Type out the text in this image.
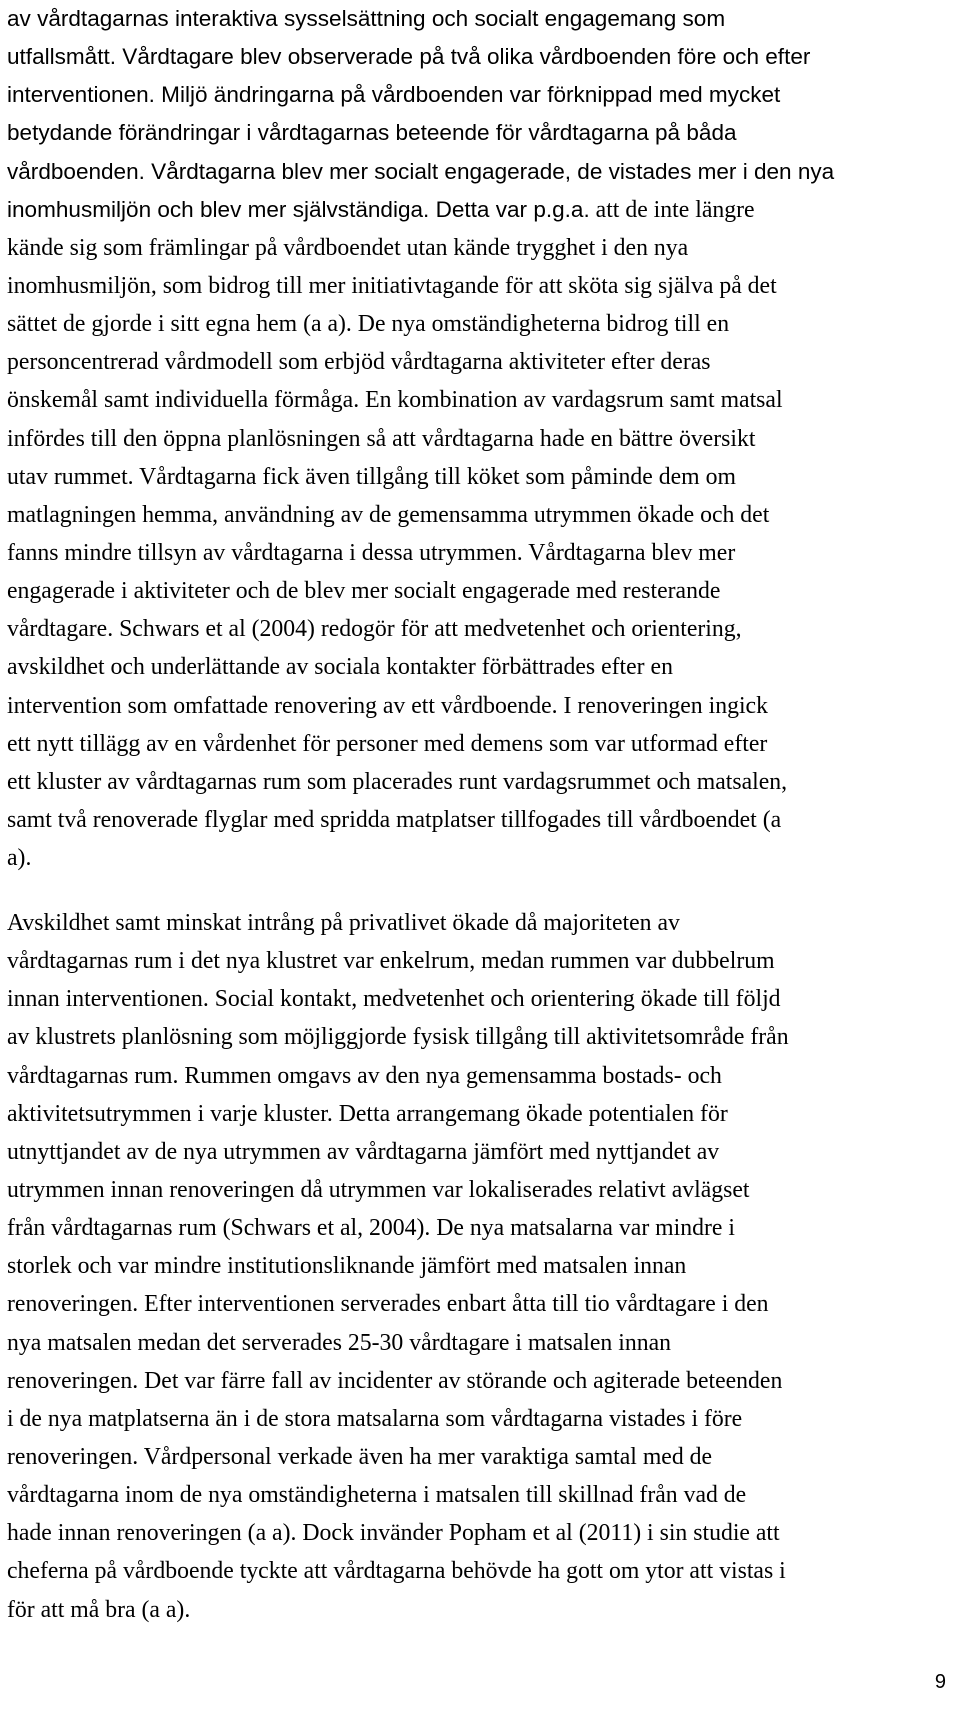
av vårdtagarnas interaktiva sysselsättning och socialt engagemang som
utfallsmått. Vårdtagare blev observerade på två olika vårdboenden före och efter
interventionen. Miljö ändringarna på vårdboenden var förknippad med mycket
betydande förändringar i vårdtagarnas beteende för vårdtagarna på båda
vårdboenden. Vårdtagarna blev mer socialt engagerade, de vistades mer i den nya
inomhusmiljön och blev mer självständiga. Detta var p.g.a. att de inte längre
kände sig som främlingar på vårdboendet utan kände trygghet i den nya
inomhusmiljön, som bidrog till mer initiativtagande för att sköta sig själva på det
sättet de gjorde i sitt egna hem (a a). De nya omständigheterna bidrog till en
personcentrerad vårdmodell som erbjöd vårdtagarna aktiviteter efter deras
önskemål samt individuella förmåga. En kombination av vardagsrum samt matsal
infördes till den öppna planlösningen så att vårdtagarna hade en bättre översikt
utav rummet. Vårdtagarna fick även tillgång till köket som påminde dem om
matlagningen hemma, användning av de gemensamma utrymmen ökade och det
fanns mindre tillsyn av vårdtagarna i dessa utrymmen. Vårdtagarna blev mer
engagerade i aktiviteter och de blev mer socialt engagerade med resterande
vårdtagare. Schwars et al (2004) redogör för att medvetenhet och orientering,
avskildhet och underlättande av sociala kontakter förbättrades efter en
intervention som omfattade renovering av ett vårdboende. I renoveringen ingick
ett nytt tillägg av en vårdenhet för personer med demens som var utformad efter
ett kluster av vårdtagarnas rum som placerades runt vardagsrummet och matsalen,
samt två renoverade flyglar med spridda matplatser tillfogades till vårdboendet (a
a).
Avskildhet samt minskat intrång på privatlivet ökade då majoriteten av
vårdtagarnas rum i det nya klustret var enkelrum, medan rummen var dubbelrum
innan interventionen. Social kontakt, medvetenhet och orientering ökade till följd
av klustrets planlösning som möjliggjorde fysisk tillgång till aktivitetsområde från
vårdtagarnas rum. Rummen omgavs av den nya gemensamma bostads- och
aktivitetsutrymmen i varje kluster. Detta arrangemang ökade potentialen för
utnyttjandet av de nya utrymmen av vårdtagarna jämfört med nyttjandet av
utrymmen innan renoveringen då utrymmen var lokaliserades relativt avlägset
från vårdtagarnas rum (Schwars et al, 2004). De nya matsalarna var mindre i
storlek och var mindre institutionsliknande jämfört med matsalen innan
renoveringen. Efter interventionen serverades enbart åtta till tio vårdtagare i den
nya matsalen medan det serverades 25-30 vårdtagare i matsalen innan
renoveringen. Det var färre fall av incidenter av störande och agiterade beteenden
i de nya matplatserna än i de stora matsalarna som vårdtagarna vistades i före
renoveringen. Vårdpersonal verkade även ha mer varaktiga samtal med de
vårdtagarna inom de nya omständigheterna i matsalen till skillnad från vad de
hade innan renoveringen (a a). Dock invänder Popham et al (2011) i sin studie att
cheferna på vårdboende tyckte att vårdtagarna behövde ha gott om ytor att vistas i
för att må bra (a a).
9
